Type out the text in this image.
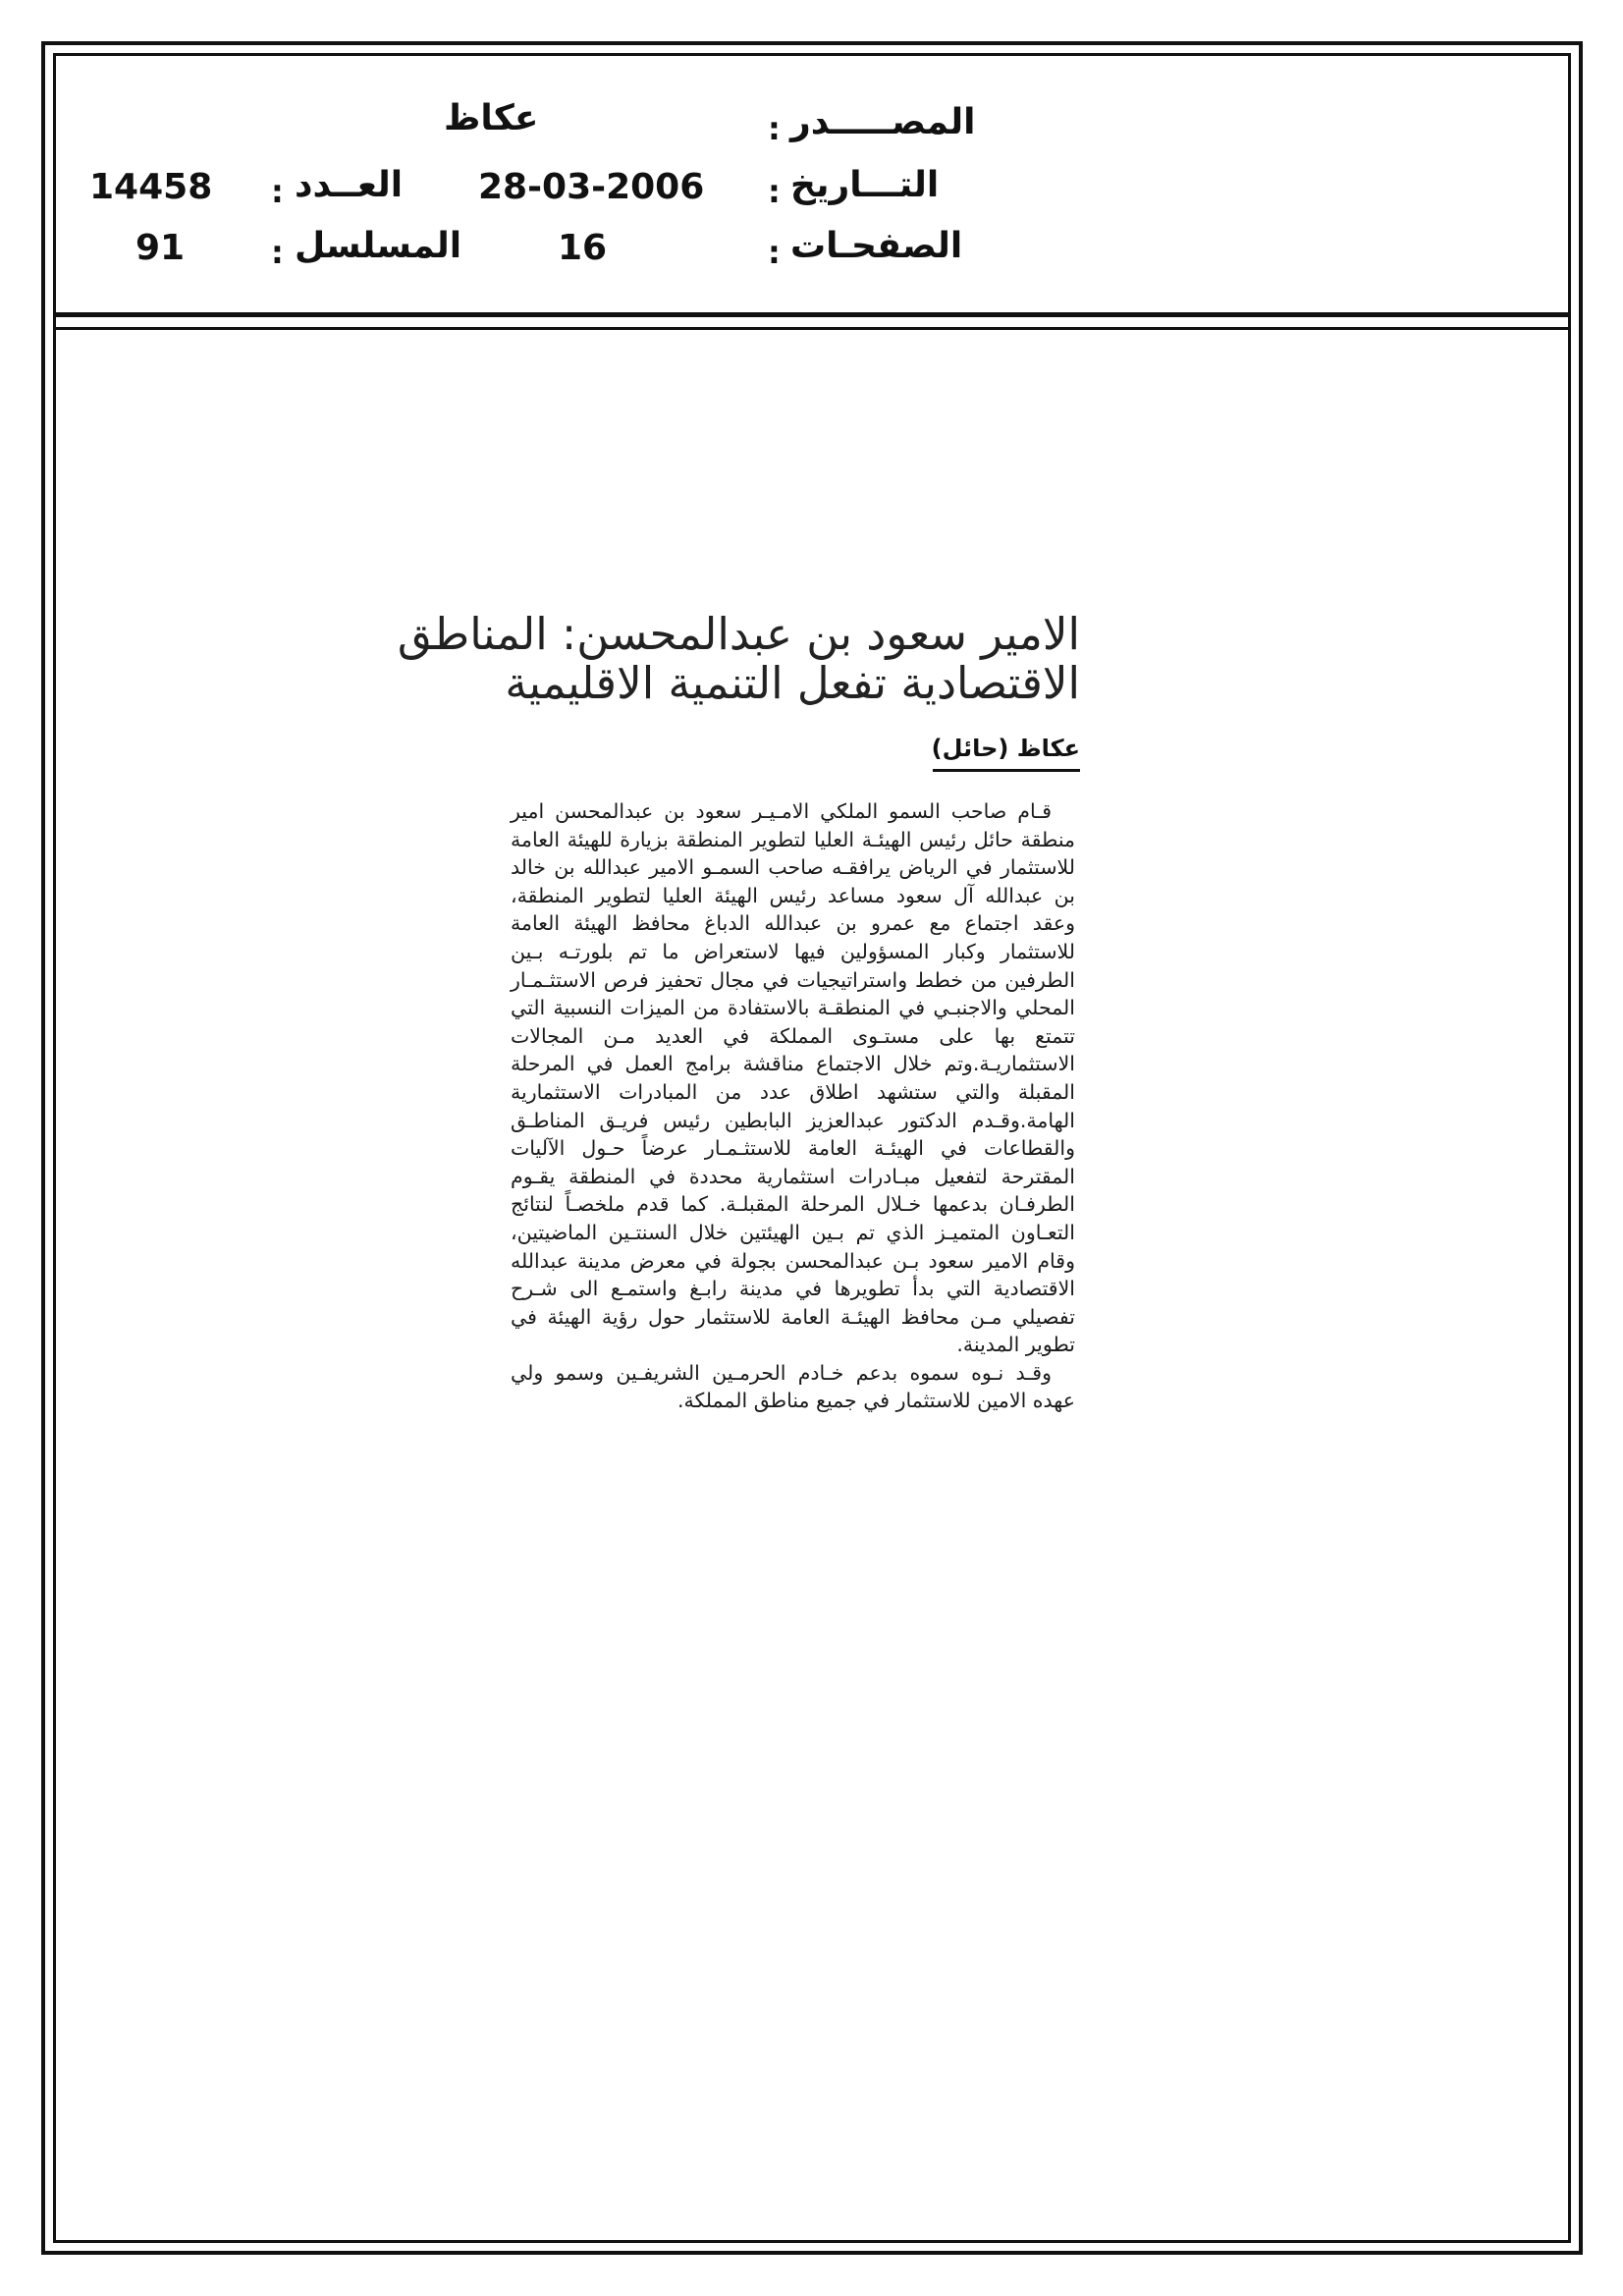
عكاظ	: المصـــــدر
14458 : العــدد 28-03-2006 : التـــاريخ
91	: المسلسل	16	: الصفحـات
الامير سعود بن عبدالمحسن: المناطق
الاقتصادية تفعل التنمية الاقليمية
عكاظ (حائل)

قـام صاحب السمو الملكي الامـيـر سعود بن عبدالمحسن امير منطقة حائل رئيس الهيئـة العليا لتطوير المنطقة بزيارة للهيئة العامة للاستثمار في الرياض يرافقـه صاحب السمـو الامير عبدالله بن خالد بن عبدالله آل سعود مساعد رئيس الهيئة العليا لتطوير المنطقة، وعقد اجتماع مع عمرو بن عبدالله الدباغ محافظ الهيئة العامة للاستثمار وكبار المسؤولين فيها لاستعراض ما تم بلورتـه بـين الطرفين من خطط واستراتيجيات في مجال تحفيز فرص الاستثـمـار المحلي والاجنبـي في المنطقـة بالاستفادة من الميزات النسبية التي تتمتع بها على مستـوى المملكة في العديد مـن المجالات الاستثماريـة.وتم خلال الاجتماع مناقشة برامج العمل في المرحلة المقبلة والتي ستشهد اطلاق عدد من المبادرات الاستثمارية الهامة.وقـدم الدكتور عبدالعزيز البابطين رئيس فريـق المناطـق والقطاعات في الهيئـة العامة للاستثـمـار عرضاً حـول الآليات المقترحة لتفعيل مبـادرات استثمارية محددة في المنطقة يقـوم الطرفـان بدعمها خـلال المرحلة المقبلـة. كما قدم ملخصـاً لنتائج التعـاون المتميـز الذي تم بـين الهيئتين خلال السنتـين الماضيتين، وقام الامير سعود بـن عبدالمحسن بجولة في معرض مدينة عبدالله الاقتصادية التي بدأ تطويرها في مدينة رابـغ واستمـع الى شـرح تفصيلي مـن محافظ الهيئـة العامة للاستثمار حول رؤية الهيئة في تطوير المدينة.

وقـد نـوه سموه بدعم خـادم الحرمـين الشريفـين وسمو ولي عهده الامين للاستثمار في جميع مناطق المملكة.
